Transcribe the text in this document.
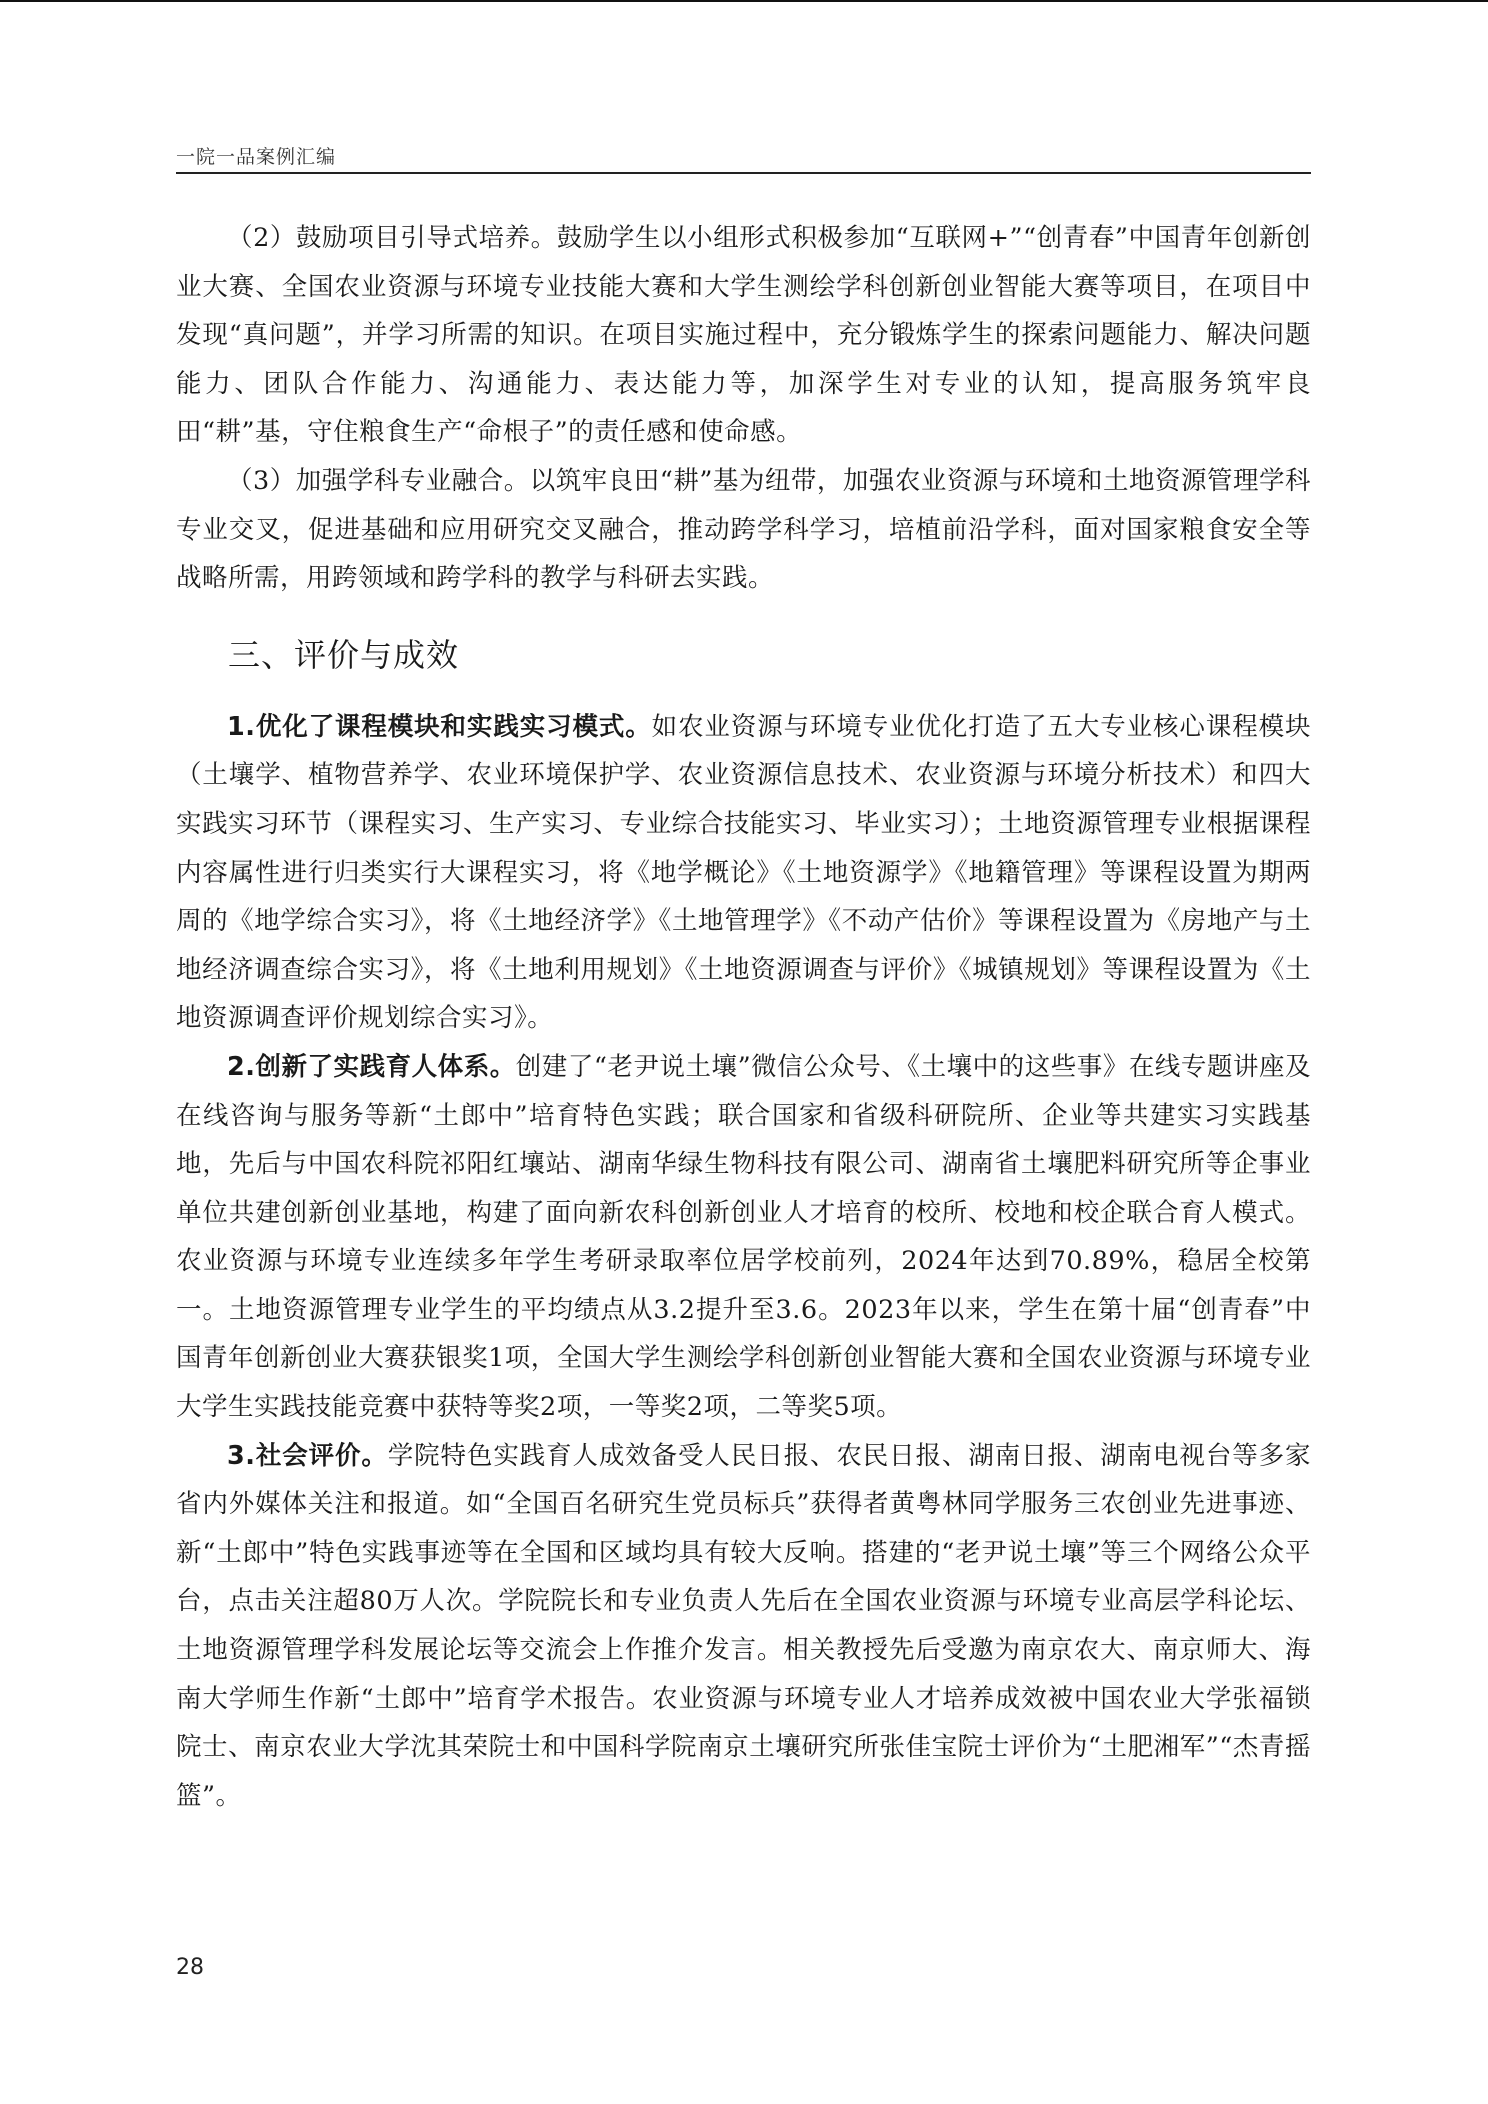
一院一品案例汇编

（2）鼓励项目引导式培养。鼓励学生以小组形式积极参加“互联网+”“创青春”中国青年创新创业大赛、全国农业资源与环境专业技能大赛和大学生测绘学科创新创业智能大赛等项目，在项目中发现“真问题”，并学习所需的知识。在项目实施过程中，充分锻炼学生的探索问题能力、解决问题能力、团队合作能力、沟通能力、表达能力等，加深学生对专业的认知，提高服务筑牢良田“耕”基，守住粮食生产“命根子”的责任感和使命感。

（3）加强学科专业融合。以筑牢良田“耕”基为纽带，加强农业资源与环境和土地资源管理学科专业交叉，促进基础和应用研究交叉融合，推动跨学科学习，培植前沿学科，面对国家粮食安全等战略所需，用跨领域和跨学科的教学与科研去实践。

三、评价与成效

1.优化了课程模块和实践实习模式。如农业资源与环境专业优化打造了五大专业核心课程模块（土壤学、植物营养学、农业环境保护学、农业资源信息技术、农业资源与环境分析技术）和四大实践实习环节（课程实习、生产实习、专业综合技能实习、毕业实习）；土地资源管理专业根据课程内容属性进行归类实行大课程实习，将《地学概论》《土地资源学》《地籍管理》等课程设置为期两周的《地学综合实习》，将《土地经济学》《土地管理学》《不动产估价》等课程设置为《房地产与土地经济调查综合实习》，将《土地利用规划》《土地资源调查与评价》《城镇规划》等课程设置为《土地资源调查评价规划综合实习》。

2.创新了实践育人体系。创建了“老尹说土壤”微信公众号、《土壤中的这些事》在线专题讲座及在线咨询与服务等新“土郎中”培育特色实践；联合国家和省级科研院所、企业等共建实习实践基地，先后与中国农科院祁阳红壤站、湖南华绿生物科技有限公司、湖南省土壤肥料研究所等企事业单位共建创新创业基地，构建了面向新农科创新创业人才培育的校所、校地和校企联合育人模式。农业资源与环境专业连续多年学生考研录取率位居学校前列，2024年达到70.89%，稳居全校第一。土地资源管理专业学生的平均绩点从3.2提升至3.6。2023年以来，学生在第十届“创青春”中国青年创新创业大赛获银奖1项，全国大学生测绘学科创新创业智能大赛和全国农业资源与环境专业大学生实践技能竞赛中获特等奖2项，一等奖2项，二等奖5项。

3.社会评价。学院特色实践育人成效备受人民日报、农民日报、湖南日报、湖南电视台等多家省内外媒体关注和报道。如“全国百名研究生党员标兵”获得者黄粤林同学服务三农创业先进事迹、新“土郎中”特色实践事迹等在全国和区域均具有较大反响。搭建的“老尹说土壤”等三个网络公众平台，点击关注超80万人次。学院院长和专业负责人先后在全国农业资源与环境专业高层学科论坛、土地资源管理学科发展论坛等交流会上作推介发言。相关教授先后受邀为南京农大、南京师大、海南大学师生作新“土郎中”培育学术报告。农业资源与环境专业人才培养成效被中国农业大学张福锁院士、南京农业大学沈其荣院士和中国科学院南京土壤研究所张佳宝院士评价为“土肥湘军”“杰青摇篮”。

28
